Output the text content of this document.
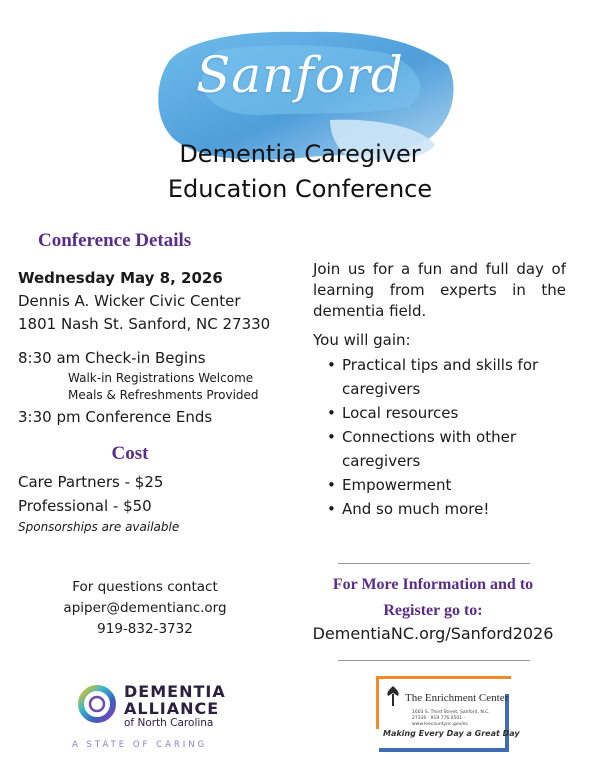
Sanford
Dementia Caregiver
Education Conference
Conference Details
Wednesday May 8, 2026
Dennis A. Wicker Civic Center
1801 Nash St. Sanford, NC 27330
8:30 am Check-in Begins
Walk-in Registrations Welcome
Meals & Refreshments Provided
3:30 pm Conference Ends
Cost
Care Partners - $25
Professional - $50
Sponsorships are available
For questions contact
apiper@dementianc.org
919-832-3732
Join us for a fun and full day of learning from experts in the dementia field.
You will gain:
• Practical tips and skills for caregivers
• Local resources
• Connections with other caregivers
• Empowerment
• And so much more!
For More Information and to
Register go to:
DementiaNC.org/Sanford2026
DEMENTIA
ALLIANCE
of North Carolina
A STATE OF CARING
The Enrichment Center
1603 S. Third Street, Sanford, N.C. 27330 · 919.776.0501 · www.leecountync.gov/ec
Making Every Day a Great Day
